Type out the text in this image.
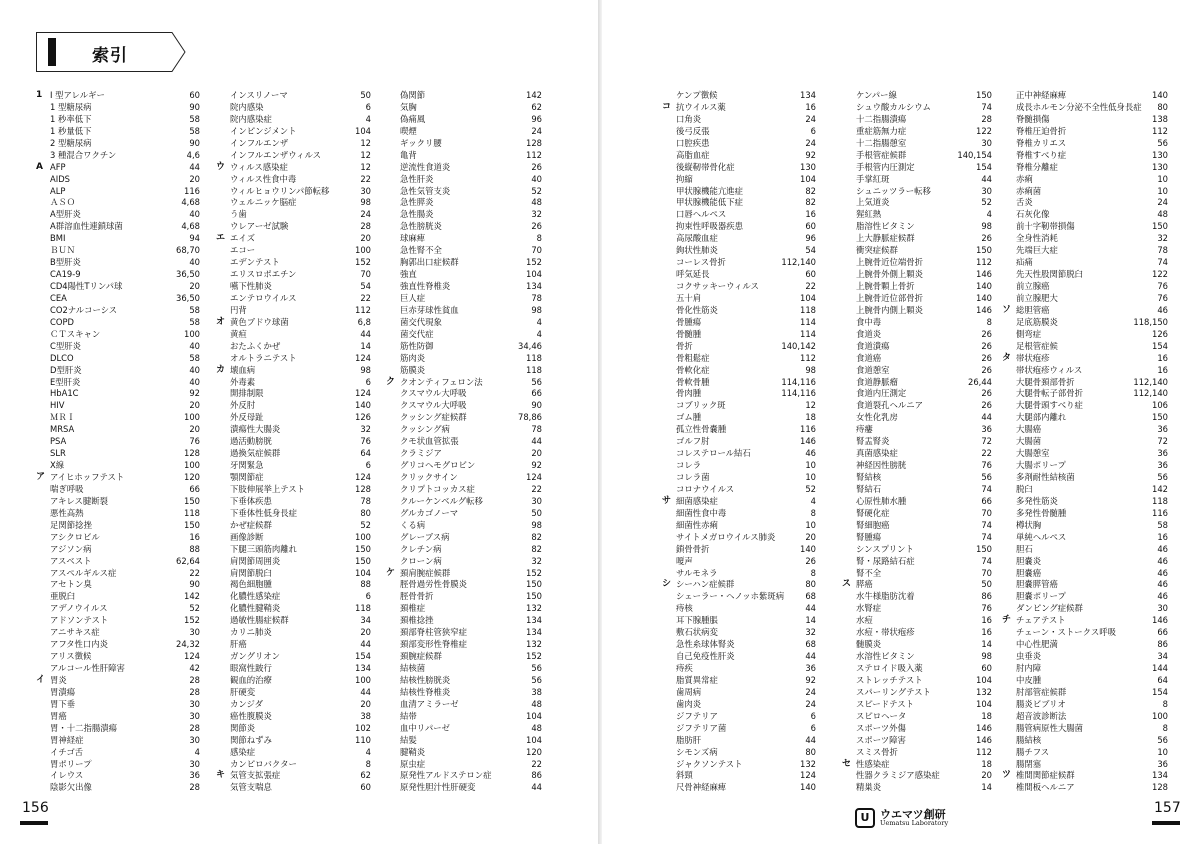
索引
1 I 型アレルギー	60
1 型糖尿病	90
1 秒率低下	58
1 秒量低下	58
2 型糖尿病	90
3 種混合ワクチン	4,6
A AFP	44
AIDS	20
ALP	116
ＡＳＯ	4,68
A型肝炎	40
A群溶血性連鎖球菌	4,68
BMI	94
ＢＵＮ	68,70
B型肝炎	40
CA19-9	36,50
CD4陽性Tリンパ球	20
CEA	36,50
CO2ナルコーシス	58
COPD	58
ＣＴスキャン	100
C型肝炎	40
DLCO	58
D型肝炎	40
E型肝炎	40
HbA1C	92
HIV	20
ＭＲＩ	100
MRSA	20
PSA	76
SLR	128
X線	100
ア アイヒホッフテスト	120
喘ぎ呼吸	66
アキレス腱断裂	150
悪性高熱	118
足関節捻挫	150
アシクロビル	16
アジソン病	88
アスベスト	62,64
アスペルギルス症	22
アセトン臭	90
亜脱臼	142
アデノウイルス	52
アドソンテスト	152
アニサキス症	30
アフタ性口内炎	24,32
アリス徴候	124
アルコール性肝障害	42
イ 胃炎	28
胃潰瘍	28
胃下垂	30
胃癌	30
胃・十二指腸潰瘍	28
胃神経症	30
イチゴ舌	4
胃ポリープ	30
イレウス	36
陰影欠出像	28
インスリノーマ	50
院内感染	6
院内感染症	4
インピンジメント	104
インフルエンザ	12
インフルエンザウィルス	12
ウ ウィルス感染症	12
ウィルス性食中毒	22
ウィルヒョウリンパ節転移	30
ウェルニッケ脳症	98
う歯	24
ウレアーゼ試験	28
エ エイズ	20
エコー	100
エデンテスト	152
エリスロポエチン	70
嚥下性肺炎	54
エンテロウイルス	22
円背	112
オ 黄色ブドウ球菌	6,8
黄疸	44
おたふくかぜ	14
オルトラニテスト	124
カ 壊血病	98
外毒素	6
開排制限	124
外反肘	140
外反母趾	126
潰瘍性大腸炎	32
過活動膀胱	76
過換気症候群	64
牙関緊急	6
顎関節症	124
下肢伸展挙上テスト	128
下垂体疾患	78
下垂体性低身長症	80
かぜ症候群	52
画像診断	100
下腿三頭筋肉離れ	150
肩関節周囲炎	150
肩関節脱臼	104
褐色細胞腫	88
化膿性感染症	6
化膿性腱鞘炎	118
過敏性腸症候群	34
カリニ肺炎	20
肝癌	44
ガングリオン	154
眼窩性跛行	134
観血的治療	100
肝硬変	44
カンジダ	20
癌性腹膜炎	38
関節炎	102
関節ねずみ	110
感染症	4
カンピロバクター	8
キ 気管支拡張症	62
気管支喘息	60
偽関節	142
気胸	62
偽痛風	96
喫煙	24
ギックリ腰	128
亀背	112
逆流性食道炎	26
急性肝炎	40
急性気管支炎	52
急性膵炎	48
急性腸炎	32
急性膀胱炎	26
球麻痺	8
急性腎不全	70
胸郭出口症候群	152
強直	104
強直性脊椎炎	134
巨人症	78
巨赤芽球性貧血	98
菌交代現象	4
菌交代症	4
筋性防御	34,46
筋肉炎	118
筋膜炎	118
ク クオンティフェロン法	56
クスマウル大呼吸	66
クスマウル大呼吸	90
クッシング症候群	78,86
クッシング病	78
クモ状血管拡張	44
クラミジア	20
グリコヘモグロビン	92
クリックサイン	124
クリプトコッカス症	22
クルーケンベルグ転移	30
グルカゴノーマ	50
くる病	98
グレーブス病	82
クレチン病	82
クローン病	32
ケ 頚肩腕症候群	152
脛骨過労性骨膜炎	150
脛骨骨折	150
頚椎症	132
頚椎捻挫	134
頚部脊柱管狭窄症	134
頚部変形性脊椎症	132
頚腕症候群	152
結核菌	56
結核性膀胱炎	56
結核性脊椎炎	38
血清アミラーゼ	48
結帯	104
血中リパーゼ	48
結髪	104
腱鞘炎	120
原虫症	22
原発性アルドステロン症	86
原発性胆汁性肝硬変	44
156
ケンプ徴候	134
コ 抗ウイルス薬	16
口角炎	24
後弓反張	6
口腔疾患	24
高脂血症	92
後縦靭帯骨化症	130
拘縮	104
甲状腺機能亢進症	82
甲状腺機能低下症	82
口唇ヘルペス	16
拘束性呼吸器疾患	60
高尿酸血症	96
鉤状性肺炎	54
コーレス骨折	112,140
呼気延長	60
コクサッキーウィルス	22
五十肩	104
骨化性筋炎	118
骨腫瘍	114
骨髄腫	114
骨折	140,142
骨粗鬆症	112
骨軟化症	98
骨軟骨腫	114,116
骨肉腫	114,116
コブリック斑	12
ゴム腫	18
孤立性骨嚢腫	116
ゴルフ肘	146
コレステロール結石	46
コレラ	10
コレラ菌	10
コロナウイルス	52
サ 細菌感染症	4
細菌性食中毒	8
細菌性赤痢	10
サイトメガロウイルス肺炎	20
鎖骨骨折	140
嗄声	26
サルモネラ	8
シ シーハン症候群	80
シェーラー・ヘノッホ紫斑病	68
痔核	44
耳下腺腫脹	14
敷石状病変	32
急性糸球体腎炎	68
自己免疫性肝炎	44
痔疾	36
脂質異常症	92
歯周病	24
歯肉炎	24
ジフテリア	6
ジフテリア菌	6
脂肪肝	44
シモンズ病	80
ジャクソンテスト	132
斜頸	124
尺骨神経麻痺	140
ケンパー線	150
シュウ酸カルシウム	74
十二指腸潰瘍	28
重症筋無力症	122
十二指腸憩室	30
手根管症候群	140,154
手根管内圧測定	154
手掌紅斑	44
シュニッツラー転移	30
上気道炎	52
猩紅熱	4
脂溶性ビタミン	98
上大静脈症候群	26
衝突症候群	150
上腕骨近位端骨折	112
上腕骨外側上顆炎	146
上腕骨顆上骨折	140
上腕骨近位部骨折	140
上腕骨内側上顆炎	146
食中毒	8
食道炎	26
食道潰瘍	26
食道癌	26
食道憩室	26
食道静脈瘤	26,44
食道内圧測定	26
食道裂孔ヘルニア	26
女性化乳房	44
痔瘻	36
腎盂腎炎	72
真菌感染症	22
神経因性膀胱	76
腎結核	56
腎結石	74
心原性肺水腫	66
腎硬化症	70
腎細胞癌	74
腎腫瘍	74
シンスプリント	150
腎・尿路結石症	74
腎不全	70
ス 膵癌	50
水牛様脂肪沈着	86
水腎症	76
水痘	16
水痘・帯状疱疹	16
髄膜炎	14
水溶性ビタミン	98
ステロイド吸入薬	60
ストレッチテスト	104
スパーリングテスト	132
スピードテスト	104
スピロヘータ	18
スポーツ外傷	146
スポーツ障害	146
スミス骨折	112
セ 性感染症	18
性器クラミジア感染症	20
精巣炎	14
正中神経麻痺	140
成長ホルモン分泌不全性低身長症 80
脊髄損傷	138
脊椎圧迫骨折	112
脊椎カリエス	56
脊椎すべり症	130
脊椎分離症	130
赤痢	10
赤痢菌	10
舌炎	24
石灰化像	48
前十字靭帯損傷	150
全身性消耗	32
先端巨大症	78
疝痛	74
先天性股関節脱臼	122
前立腺癌	76
前立腺肥大	76
ソ 総胆管癌	46
足底筋膜炎	118,150
側弯症	126
足根管症候	154
タ 帯状疱疹	16
帯状疱疹ウィルス	16
大腿骨頚部骨折	112,140
大腿骨転子部骨折	112,140
大腿骨頭すべり症	106
大腿部内離れ	150
大腸癌	36
大腸菌	72
大腸憩室	36
大腸ポリープ	36
多剤耐性結核菌	56
脱臼	142
多発性筋炎	118
多発性骨髄腫	116
樽状胸	58
単純ヘルペス	16
胆石	46
胆嚢炎	46
胆嚢癌	46
胆嚢膵管癌	46
胆嚢ポリープ	46
ダンピング症候群	30
チ チェアテスト	146
チェーン・ストークス呼吸	66
中心性肥満	86
虫垂炎	34
肘内障	144
中皮腫	64
肘部管症候群	154
腸炎ビブリオ	8
超音波診断法	100
腸管病原性大腸菌	8
腸結核	56
腸チフス	10
腸閉塞	36
ツ 椎間関節症候群	134
椎間板ヘルニア	128
157
U ウエマツ創研
Uematsu Laboratory
